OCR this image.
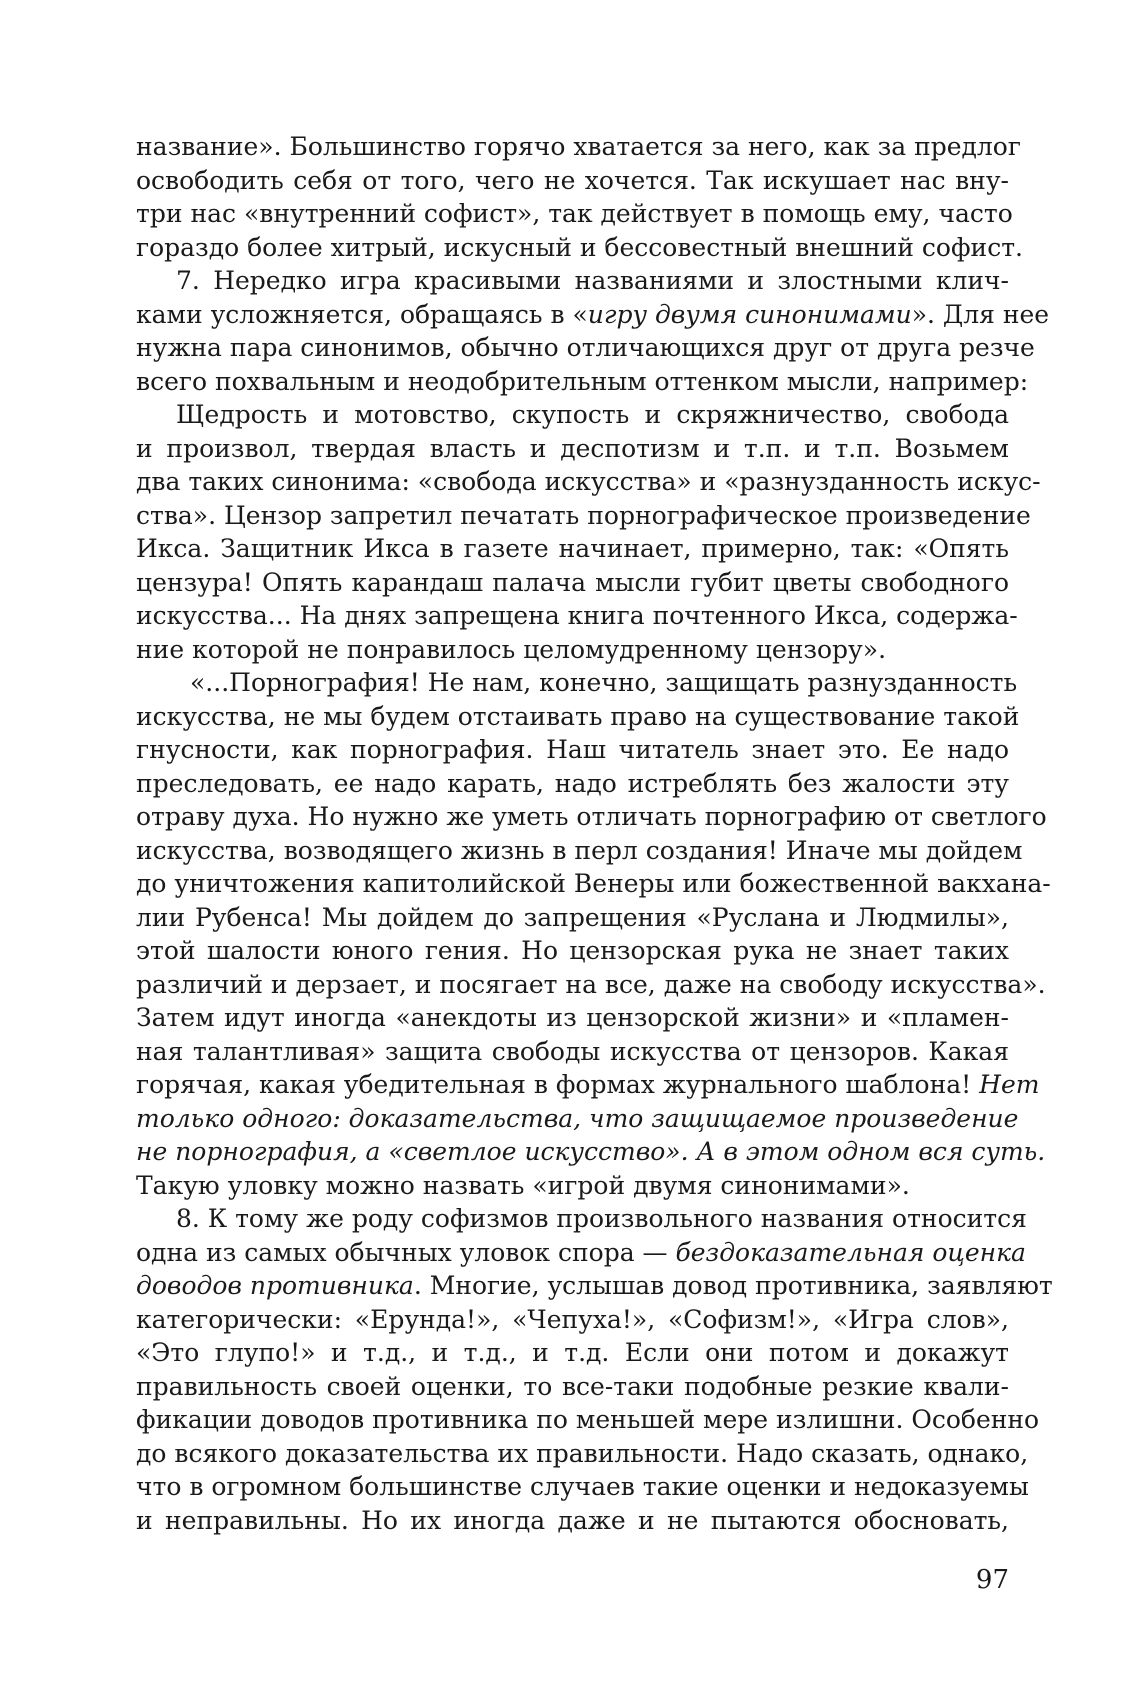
название». Большинство горячо хватается за него, как за предлог
освободить себя от того, чего не хочется. Так искушает нас вну-
три нас «внутренний софист», так действует в помощь ему, часто
гораздо более хитрый, искусный и бессовестный внешний софист.
7. Нередко игра красивыми названиями и злостными клич-
ками усложняется, обращаясь в «игру двумя синонимами». Для нее
нужна пара синонимов, обычно отличающихся друг от друга резче
всего похвальным и неодобрительным оттенком мысли, например:
Щедрость и мотовство, скупость и скряжничество, свобода
и произвол, твердая власть и деспотизм и т.п. и т.п. Возьмем
два таких синонима: «свобода искусства» и «разнузданность искус-
ства». Цензор запретил печатать порнографическое произведение
Икса. Защитник Икса в газете начинает, примерно, так: «Опять
цензура! Опять карандаш палача мысли губит цветы свободного
искусства... На днях запрещена книга почтенного Икса, содержа-
ние которой не понравилось целомудренному цензору».
«...Порнография! Не нам, конечно, защищать разнузданность
искусства, не мы будем отстаивать право на существование такой
гнусности, как порнография. Наш читатель знает это. Ее надо
преследовать, ее надо карать, надо истреблять без жалости эту
отраву духа. Но нужно же уметь отличать порнографию от светлого
искусства, возводящего жизнь в перл создания! Иначе мы дойдем
до уничтожения капитолийской Венеры или божественной вакхана-
лии Рубенса! Мы дойдем до запрещения «Руслана и Людмилы»,
этой шалости юного гения. Но цензорская рука не знает таких
различий и дерзает, и посягает на все, даже на свободу искусства».
Затем идут иногда «анекдоты из цензорской жизни» и «пламен-
ная талантливая» защита свободы искусства от цензоров. Какая
горячая, какая убедительная в формах журнального шаблона! Нет
только одного: доказательства, что защищаемое произведение
не порнография, а «светлое искусство». А в этом одном вся суть.
Такую уловку можно назвать «игрой двумя синонимами».
8. К тому же роду софизмов произвольного названия относится
одна из самых обычных уловок спора — бездоказательная оценка
доводов противника. Многие, услышав довод противника, заявляют
категорически: «Ерунда!», «Чепуха!», «Софизм!», «Игра слов»,
«Это глупо!» и т.д., и т.д., и т.д. Если они потом и докажут
правильность своей оценки, то все-таки подобные резкие квали-
фикации доводов противника по меньшей мере излишни. Особенно
до всякого доказательства их правильности. Надо сказать, однако,
что в огромном большинстве случаев такие оценки и недоказуемы
и неправильны. Но их иногда даже и не пытаются обосновать,
97
